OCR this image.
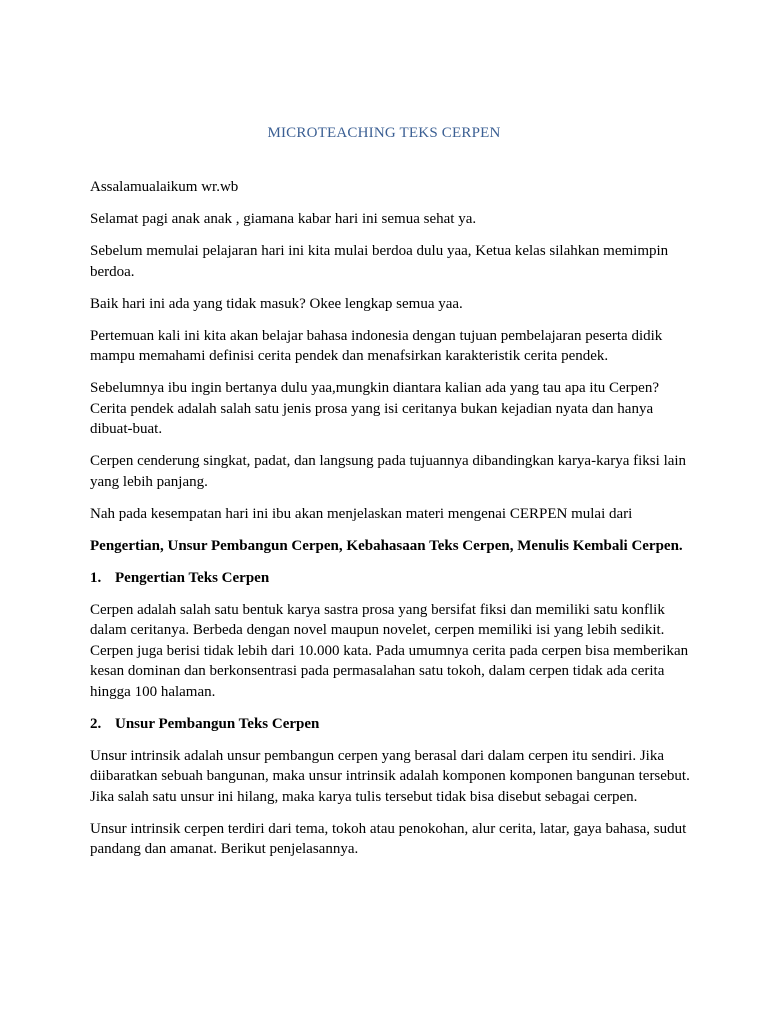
MICROTEACHING TEKS CERPEN

Assalamualaikum wr.wb

Selamat pagi anak anak , giamana kabar hari ini semua sehat ya.

Sebelum memulai pelajaran hari ini kita mulai berdoa dulu yaa, Ketua kelas silahkan memimpin berdoa.

Baik hari ini ada yang tidak masuk? Okee lengkap semua yaa.

Pertemuan kali ini kita akan belajar bahasa indonesia dengan tujuan pembelajaran peserta didik mampu memahami definisi cerita pendek dan menafsirkan karakteristik cerita pendek.

Sebelumnya ibu ingin bertanya dulu yaa,mungkin diantara kalian ada yang tau apa itu Cerpen? Cerita pendek adalah salah satu jenis prosa yang isi ceritanya bukan kejadian nyata dan hanya dibuat-buat.

Cerpen cenderung singkat, padat, dan langsung pada tujuannya dibandingkan karya-karya fiksi lain yang lebih panjang.

Nah pada kesempatan hari ini ibu akan menjelaskan materi mengenai CERPEN mulai dari

Pengertian, Unsur Pembangun Cerpen, Kebahasaan Teks Cerpen, Menulis Kembali Cerpen.

1. Pengertian Teks Cerpen

Cerpen adalah salah satu bentuk karya sastra prosa yang bersifat fiksi dan memiliki satu konflik dalam ceritanya. Berbeda dengan novel maupun novelet, cerpen memiliki isi yang lebih sedikit. Cerpen juga berisi tidak lebih dari 10.000 kata. Pada umumnya cerita pada cerpen bisa memberikan kesan dominan dan berkonsentrasi pada permasalahan satu tokoh, dalam cerpen tidak ada cerita hingga 100 halaman.

2. Unsur Pembangun Teks Cerpen

Unsur intrinsik adalah unsur pembangun cerpen yang berasal dari dalam cerpen itu sendiri. Jika diibaratkan sebuah bangunan, maka unsur intrinsik adalah komponen komponen bangunan tersebut. Jika salah satu unsur ini hilang, maka karya tulis tersebut tidak bisa disebut sebagai cerpen.

Unsur intrinsik cerpen terdiri dari tema, tokoh atau penokohan, alur cerita, latar, gaya bahasa, sudut pandang dan amanat. Berikut penjelasannya.
